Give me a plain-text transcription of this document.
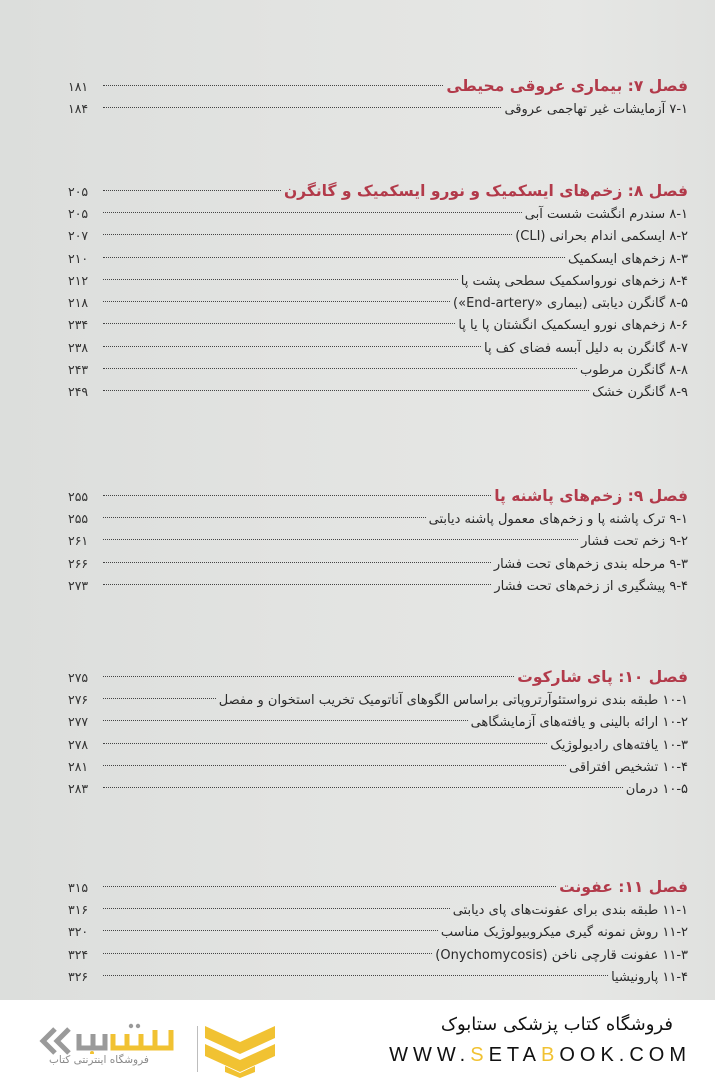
فصل ۷: بیماری عروقی محیطی
۱۸۱
۷-۱ آزمایشات غیر تهاجمی عروقی
۱۸۴
فصل ۸: زخم‌های ایسکمیک و نورو ایسکمیک و گانگرن
۲۰۵
۸-۱ سندرم انگشت شست آبی
۲۰۵
۸-۲ ایسکمی اندام بحرانی (CLI)
۲۰۷
۸-۳ زخم‌های ایسکمیک
۲۱۰
۸-۴ زخم‌های نورواسکمیک سطحی پشت پا
۲۱۲
۸-۵ گانگرن دیابتی (بیماری «End-artery»)
۲۱۸
۸-۶ زخم‌های نورو ایسکمیک انگشتان پا یا پا
۲۳۴
۸-۷ گانگرن به دلیل آبسه فضای کف پا
۲۳۸
۸-۸ گانگرن مرطوب
۲۴۳
۸-۹ گانگرن خشک
۲۴۹
فصل ۹: زخم‌های پاشنه پا
۲۵۵
۹-۱ ترک پاشنه پا و زخم‌های معمول پاشنه دیابتی
۲۵۵
۹-۲ زخم تحت فشار
۲۶۱
۹-۳ مرحله بندی زخم‌های تحت فشار
۲۶۶
۹-۴ پیشگیری از زخم‌های تحت فشار
۲۷۳
فصل ۱۰: پای شارکوت
۲۷۵
۱۰-۱ طبقه بندی نرواستئوآرتروپاتی براساس الگوهای آناتومیک تخریب استخوان و مفصل
۲۷۶
۱۰-۲ ارائه بالینی و یافته‌های آزمایشگاهی
۲۷۷
۱۰-۳ یافته‌های رادیولوژیک
۲۷۸
۱۰-۴ تشخیص افتراقی
۲۸۱
۱۰-۵ درمان
۲۸۳
فصل ۱۱: عفونت
۳۱۵
۱۱-۱ طبقه بندی برای عفونت‌های پای دیابتی
۳۱۶
۱۱-۲ روش نمونه گیری میکروبیولوژیک مناسب
۳۲۰
۱۱-۳ عفونت قارچی ناخن (Onychomycosis)
۳۲۴
۱۱-۴ پارونیشیا
۳۲۶
فروشگاه اینترنتی کتاب
فروشگاه کتاب پزشکی ستابوک
WWW.SETABOOK.COM
